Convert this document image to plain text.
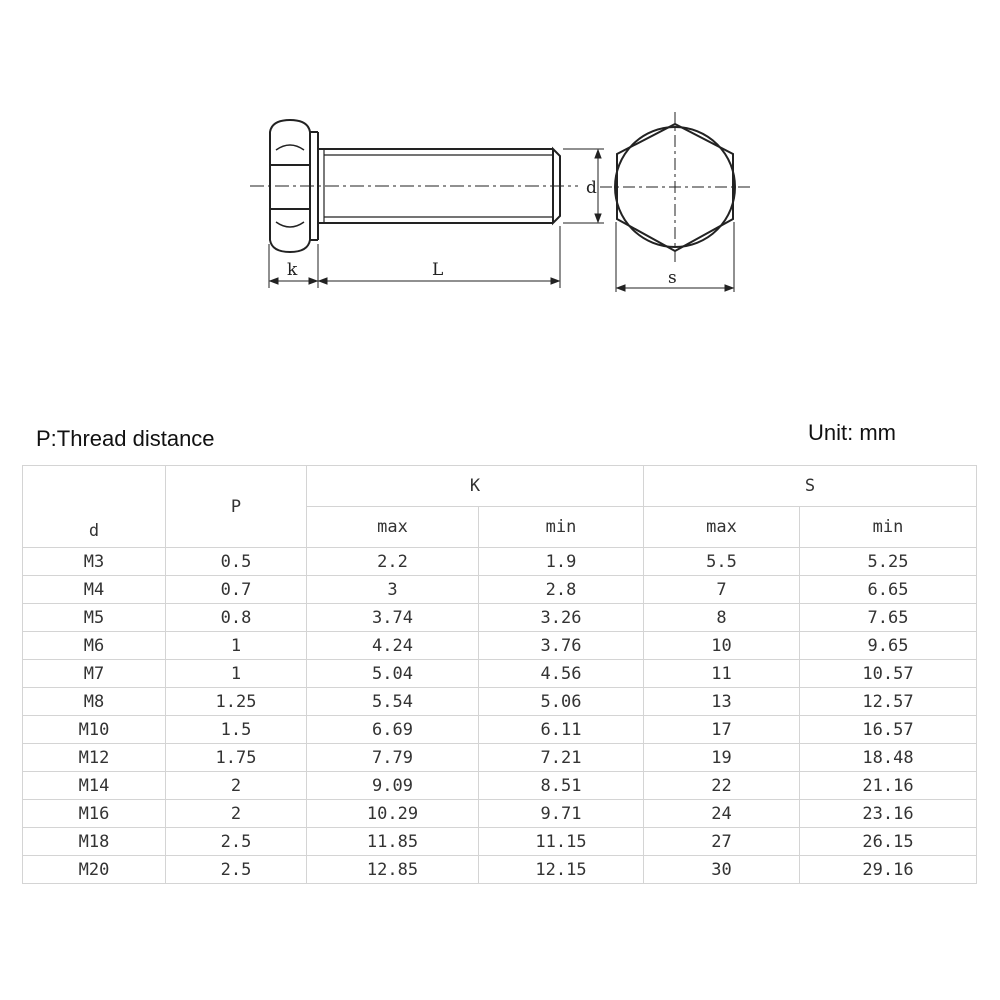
k	L
d
s
P:Thread distance	Unit: mm
d	P	K		S	
		max	min	max	min
M3	0.5	2.2	1.9	5.5	5.25
M4	0.7	3	2.8	7	6.65
M5	0.8	3.74	3.26	8	7.65
M6	1	4.24	3.76	10	9.65
M7	1	5.04	4.56	11	10.57
M8	1.25	5.54	5.06	13	12.57
M10	1.5	6.69	6.11	17	16.57
M12	1.75	7.79	7.21	19	18.48
M14	2	9.09	8.51	22	21.16
M16	2	10.29	9.71	24	23.16
M18	2.5	11.85	11.15	27	26.15
M20	2.5	12.85	12.15	30	29.16
